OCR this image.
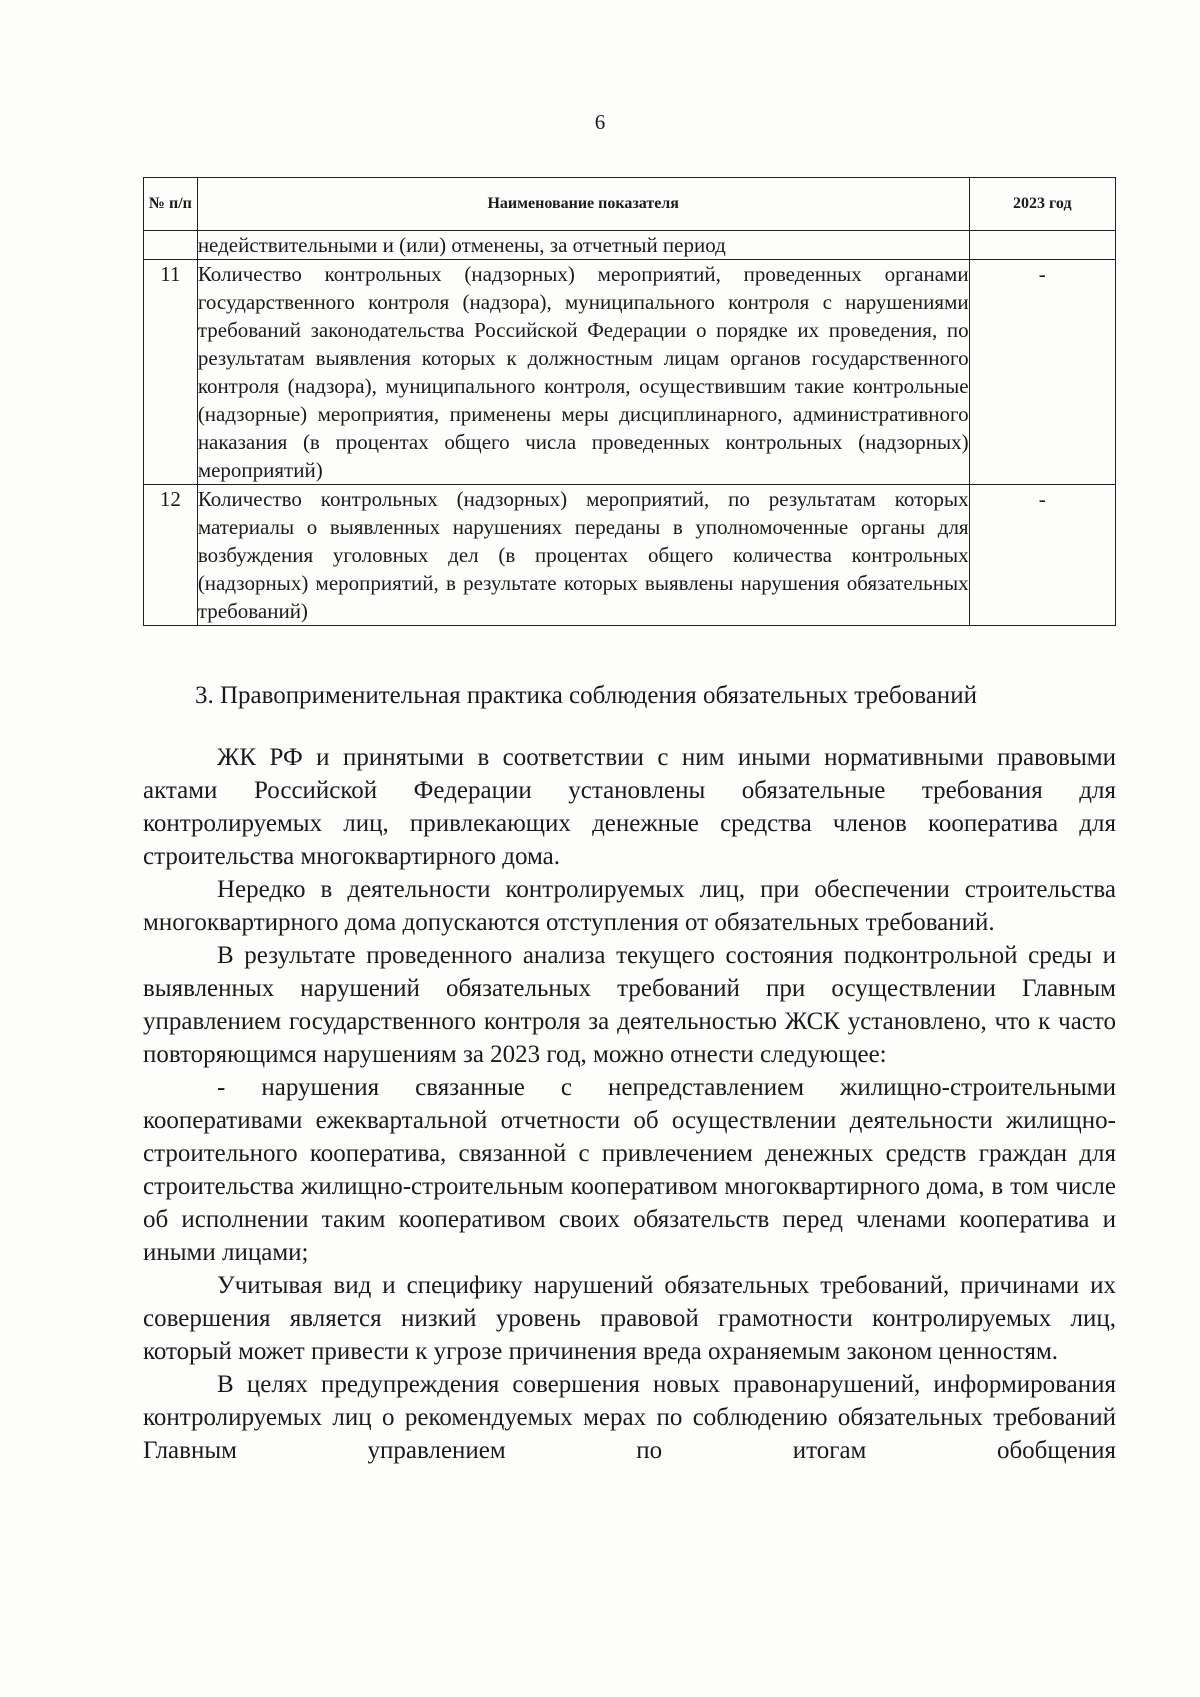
6
№ п/п	Наименование показателя	2023 год
	недействительными и (или) отменены, за отчетный период	
11	Количество контрольных (надзорных) мероприятий, проведенных органами государственного контроля (надзора), муниципального контроля с нарушениями требований законодательства Российской Федерации о порядке их проведения, по результатам выявления которых к должностным лицам органов государственного контроля (надзора), муниципального контроля, осуществившим такие контрольные (надзорные) мероприятия, применены меры дисциплинарного, административного наказания (в процентах общего числа проведенных контрольных (надзорных) мероприятий)	-
12	Количество контрольных (надзорных) мероприятий, по результатам которых материалы о выявленных нарушениях переданы в уполномоченные органы для возбуждения уголовных дел (в процентах общего количества контрольных (надзорных) мероприятий, в результате которых выявлены нарушения обязательных требований)	-
3. Правоприменительная практика соблюдения обязательных требований

ЖК РФ и принятыми в соответствии с ним иными нормативными правовыми актами Российской Федерации установлены обязательные требования для контролируемых лиц, привлекающих денежные средства членов кооператива для строительства многоквартирного дома.

Нередко в деятельности контролируемых лиц, при обеспечении строительства многоквартирного дома допускаются отступления от обязательных требований.

В результате проведенного анализа текущего состояния подконтрольной среды и выявленных нарушений обязательных требований при осуществлении Главным управлением государственного контроля за деятельностью ЖСК установлено, что к часто повторяющимся нарушениям за 2023 год, можно отнести следующее:

- нарушения связанные с непредставлением жилищно-строительными кооперативами ежеквартальной отчетности об осуществлении деятельности жилищно-строительного кооператива, связанной с привлечением денежных средств граждан для строительства жилищно-строительным кооперативом многоквартирного дома, в том числе об исполнении таким кооперативом своих обязательств перед членами кооператива и иными лицами;

Учитывая вид и специфику нарушений обязательных требований, причинами их совершения является низкий уровень правовой грамотности контролируемых лиц, который может привести к угрозе причинения вреда охраняемым законом ценностям.

В целях предупреждения совершения новых правонарушений, информирования контролируемых лиц о рекомендуемых мерах по соблюдению обязательных требований Главным управлением по итогам обобщения
